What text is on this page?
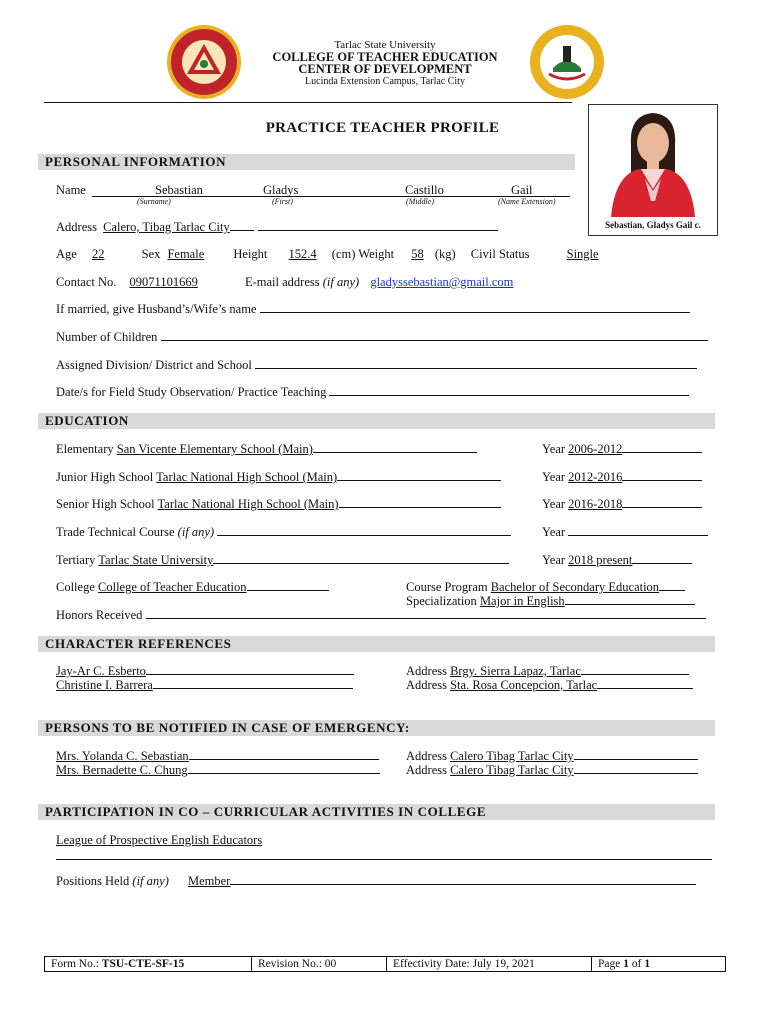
Tarlac State University
COLLEGE OF TEACHER EDUCATION
CENTER OF DEVELOPMENT
Lucinda Extension Campus, Tarlac City
PRACTICE TEACHER PROFILE
Sebastian, Gladys Gail c.
PERSONAL INFORMATION
Name	Sebastian	Gladys	Castillo	Gail
(Surname)	(First)	(Middle)	(Name Extension)
Address Calero, Tibag Tarlac City
Age 22	Sex Female Height 152.4 (cm) Weight 58 (kg) Civil Status	Single
Contact No. 09071101669	E-mail address (if any) gladyssebastian@gmail.com
If married, give Husband’s/Wife’s name
Number of Children
Assigned Division/ District and School
Date/s for Field Study Observation/ Practice Teaching
EDUCATION
Elementary San Vicente Elementary School (Main)	Year 2006-2012
Junior High School Tarlac National High School (Main)	Year 2012-2016
Senior High School Tarlac National High School (Main)	Year 2016-2018
Trade Technical Course (if any)	Year
Tertiary Tarlac State University	Year 2018 present
College College of Teacher Education	Course Program Bachelor of Secondary Education
Specialization Major in English
Honors Received
CHARACTER REFERENCES
Jay-Ar C. Esberto	Address Brgy. Sierra Lapaz, Tarlac
Christine I. Barrera	Address Sta. Rosa Concepcion, Tarlac
PERSONS TO BE NOTIFIED IN CASE OF EMERGENCY:
Mrs. Yolanda C. Sebastian	Address Calero Tibag Tarlac City
Mrs. Bernadette C. Chung	Address Calero Tibag Tarlac City
PARTICIPATION IN CO – CURRICULAR ACTIVITIES IN COLLEGE
League of Prospective English Educators
Positions Held (if any) Member
Form No.: TSU-CTE-SF-15	Revision No.: 00	Effectivity Date: July 19, 2021	Page 1 of 1
